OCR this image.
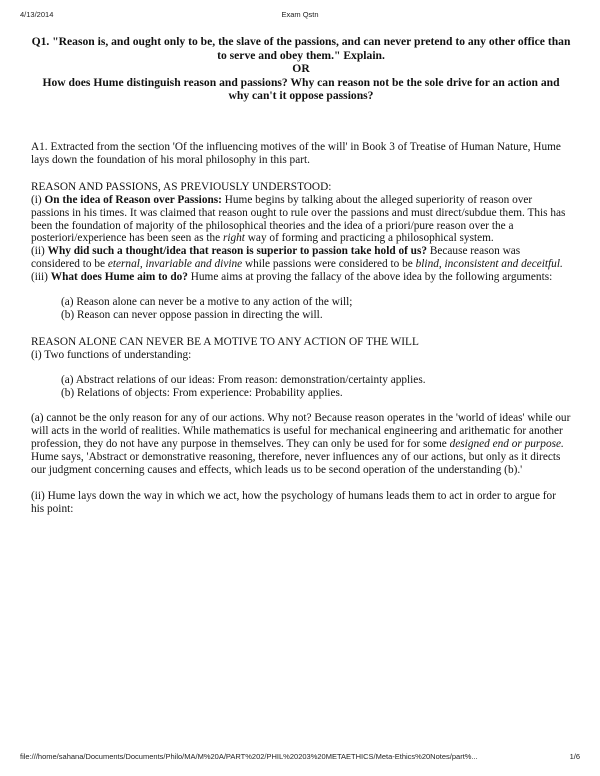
4/13/2014	Exam Qstn
Q1. "Reason is, and ought only to be, the slave of the passions, and can never pretend to any other office than to serve and obey them." Explain.
OR
How does Hume distinguish reason and passions? Why can reason not be the sole drive for an action and why can't it oppose passions?

A1. Extracted from the section 'Of the influencing motives of the will' in Book 3 of Treatise of Human Nature, Hume lays down the foundation of his moral philosophy in this part.

REASON AND PASSIONS, AS PREVIOUSLY UNDERSTOOD:

(i) On the idea of Reason over Passions: Hume begins by talking about the alleged superiority of reason over passions in his times. It was claimed that reason ought to rule over the passions and must direct/subdue them. This has been the foundation of majority of the philosophical theories and the idea of a priori/pure reason over the a posteriori/experience has been seen as the right way of forming and practicing a philosophical system.

(ii) Why did such a thought/idea that reason is superior to passion take hold of us? Because reason was considered to be eternal, invariable and divine while passions were considered to be blind, inconsistent and deceitful.

(iii) What does Hume aim to do? Hume aims at proving the fallacy of the above idea by the following arguments:

(a) Reason alone can never be a motive to any action of the will;
(b) Reason can never oppose passion in directing the will.
REASON ALONE CAN NEVER BE A MOTIVE TO ANY ACTION OF THE WILL

(i) Two functions of understanding:

(a) Abstract relations of our ideas: From reason: demonstration/certainty applies.
(b) Relations of objects: From experience: Probability applies.

(a) cannot be the only reason for any of our actions. Why not? Because reason operates in the 'world of ideas' while our will acts in the world of realities. While mathematics is useful for mechanical engineering and arithematic for another profession, they do not have any purpose in themselves. They can only be used for for some designed end or purpose. Hume says, 'Abstract or demonstrative reasoning, therefore, never influences any of our actions, but only as it directs our judgment concerning causes and effects, which leads us to be second operation of the understanding (b).'

(ii) Hume lays down the way in which we act, how the psychology of humans leads them to act in order to argue for his point:

file:///home/sahana/Documents/Documents/Philo/MA/M%20A/PART%202/PHIL%20203%20METAETHICS/Meta-Ethics%20Notes/part%...	1/6
